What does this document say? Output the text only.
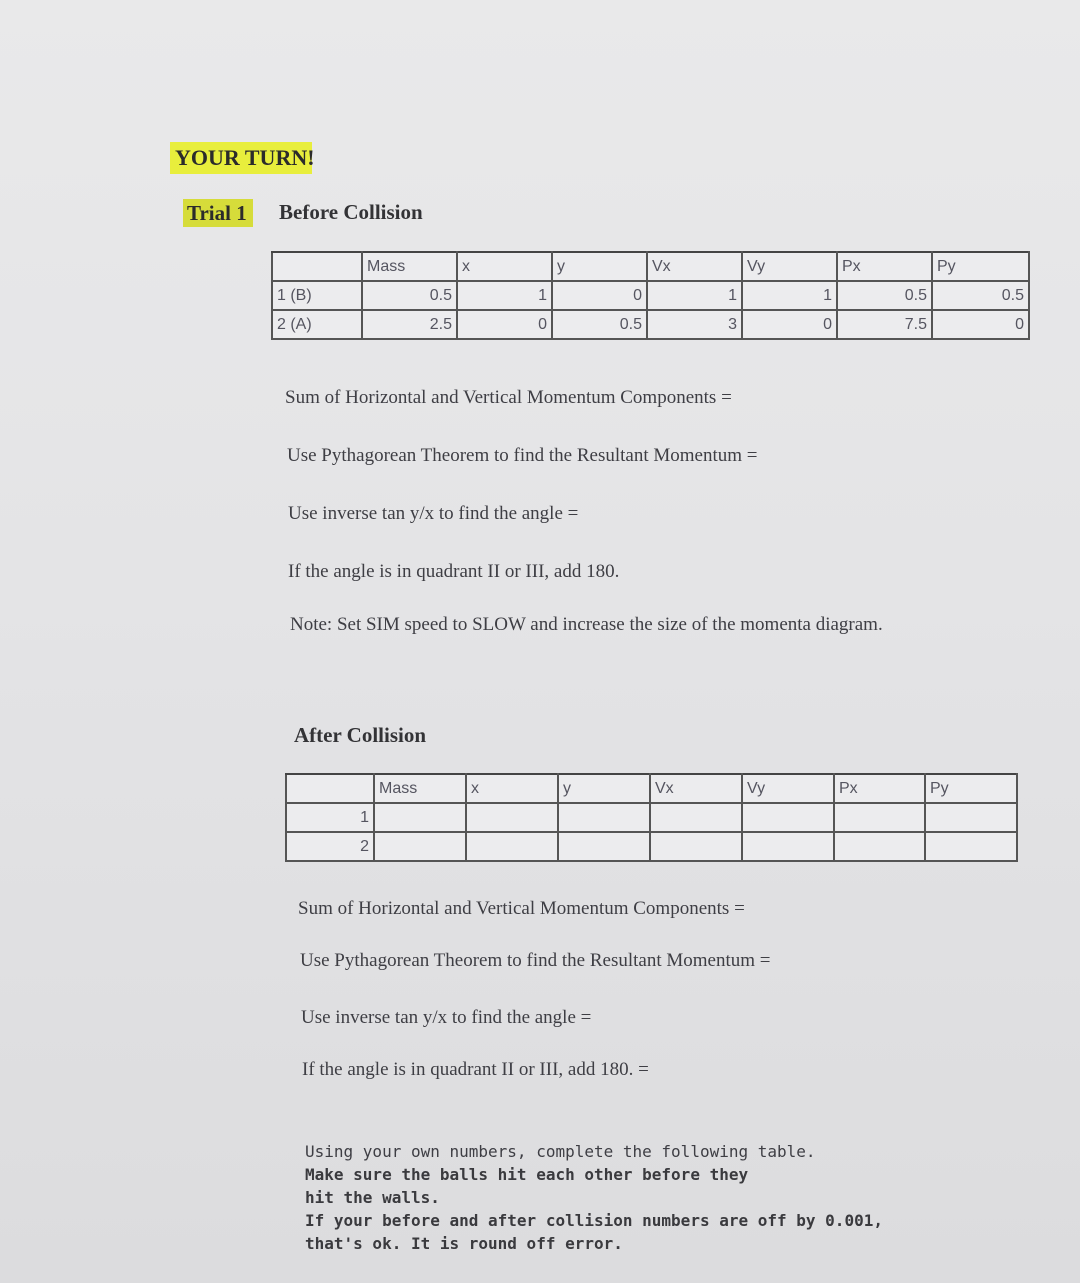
YOUR TURN!
Trial 1 Before Collision
	Mass	x	y	Vx	Vy	Px	Py
1 (B)	0.5	1	0	1	1	0.5	0.5
2 (A)	2.5	0	0.5	3	0	7.5	0
Sum of Horizontal and Vertical Momentum Components =
Use Pythagorean Theorem to find the Resultant Momentum =
Use inverse tan y/x to find the angle =
If the angle is in quadrant II or III, add 180.
Note: Set SIM speed to SLOW and increase the size of the momenta diagram.
After Collision
	Mass	x	y	Vx	Vy	Px	Py
1							
2							
Sum of Horizontal and Vertical Momentum Components =
Use Pythagorean Theorem to find the Resultant Momentum =
Use inverse tan y/x to find the angle =
If the angle is in quadrant II or III, add 180. =
Using your own numbers, complete the following table.
Make sure the balls hit each other before they hit the walls.
If your before and after collision numbers are off by 0.001, that's ok. It is round off error.
